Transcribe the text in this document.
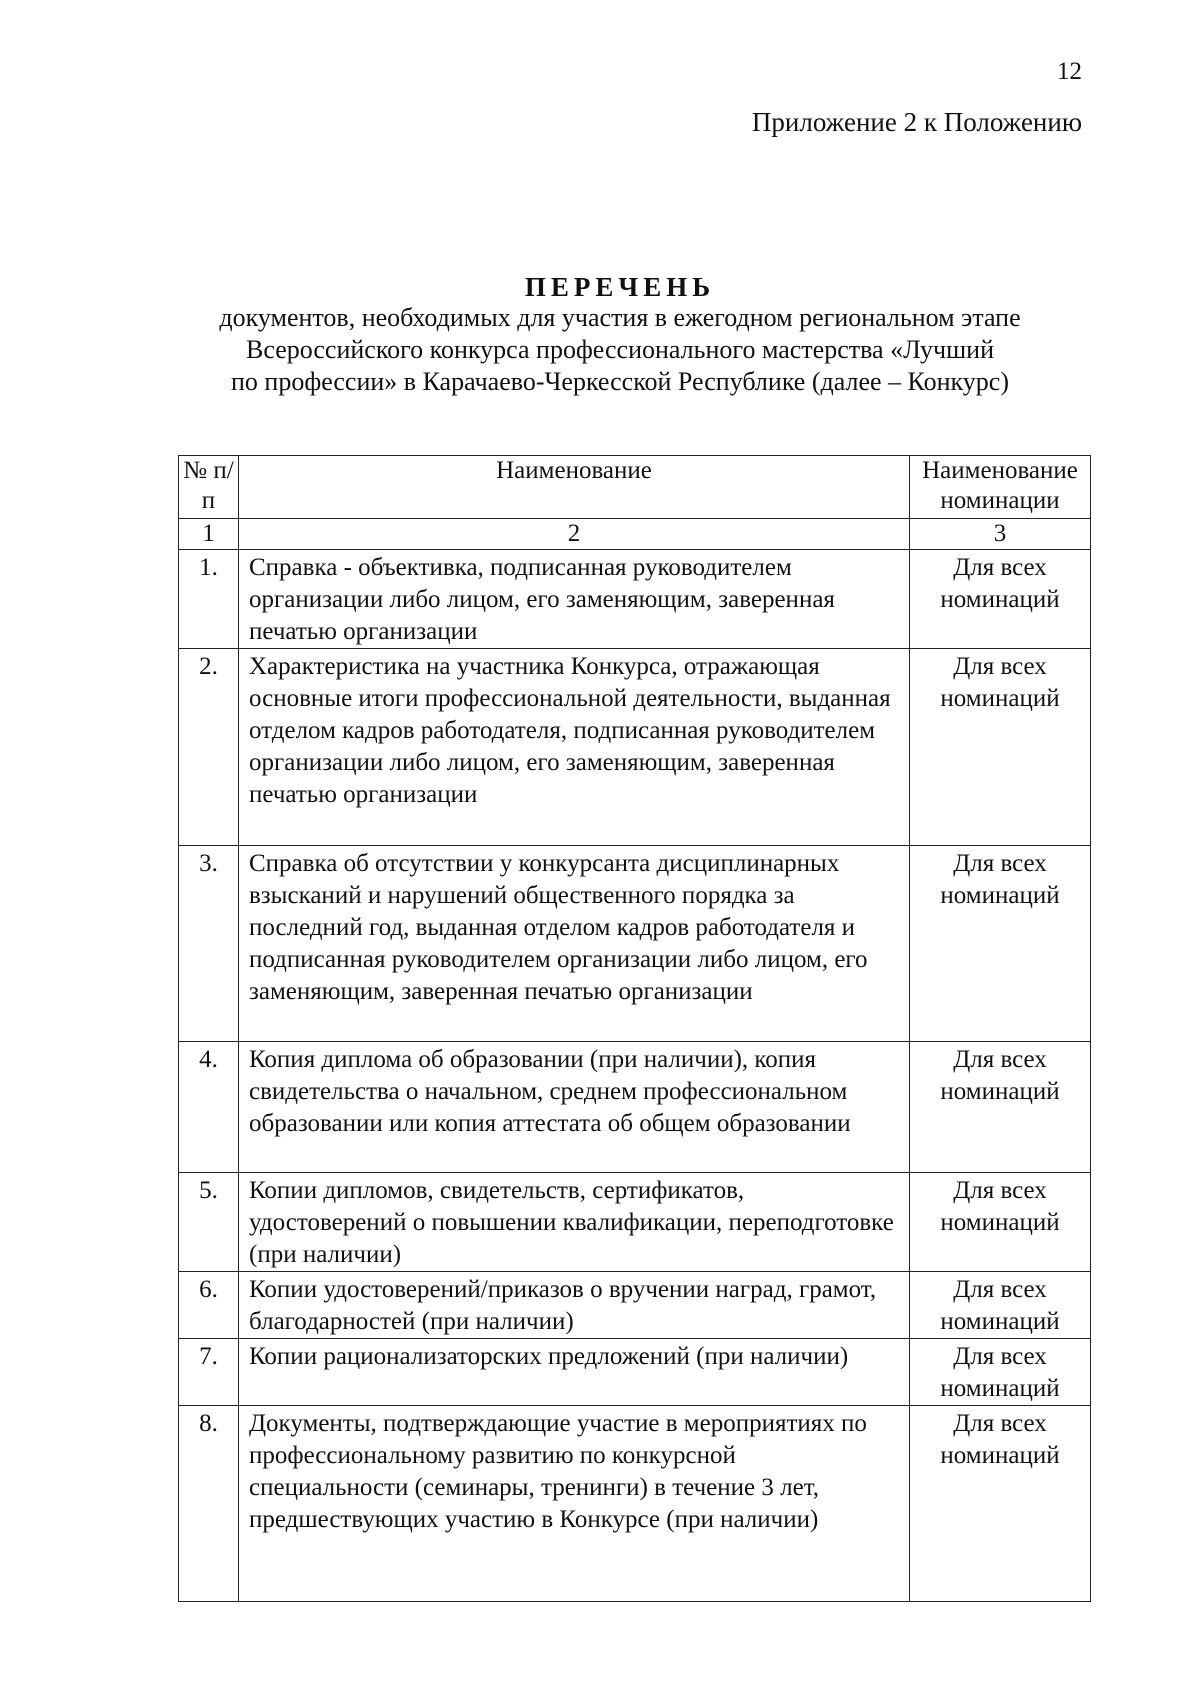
12
Приложение 2 к Положению
ПЕРЕЧЕНЬ
документов, необходимых для участия в ежегодном региональном этапе
Всероссийского конкурса профессионального мастерства «Лучший
по профессии» в Карачаево-Черкесской Республике (далее – Конкурс)
№ п/п	Наименование	Наименование номинации
1	2	3
1.	Справка - объективка, подписанная руководителем организации либо лицом, его заменяющим, заверенная печатью организации	Для всех
номинаций

2.	Характеристика на участника Конкурса, отражающая основные итоги профессиональной деятельности, выданная отделом кадров работодателя, подписанная руководителем организации либо лицом, его заменяющим, заверенная печатью организации	Для всех
номинаций

3.	Справка об отсутствии у конкурсанта дисциплинарных взысканий и нарушений общественного порядка за последний год, выданная отделом кадров работодателя и подписанная руководителем организации либо лицом, его заменяющим, заверенная печатью организации	Для всех
номинаций

4.	Копия диплома об образовании (при наличии), копия свидетельства о начальном, среднем профессиональном образовании или копия аттестата об общем образовании	Для всех
номинаций

5.	Копии дипломов, свидетельств, сертификатов, удостоверений о повышении квалификации, переподготовке (при наличии)	Для всех
номинаций

6.	Копии удостоверений/приказов о вручении наград, грамот, благодарностей (при наличии)	Для всех
номинаций

7.	Копии рационализаторских предложений (при наличии)	Для всех
номинаций

8.	Документы, подтверждающие участие в мероприятиях по профессиональному развитию по конкурсной специальности (семинары, тренинги) в течение 3 лет, предшествующих участию в Конкурсе (при наличии)	Для всех
номинаций
